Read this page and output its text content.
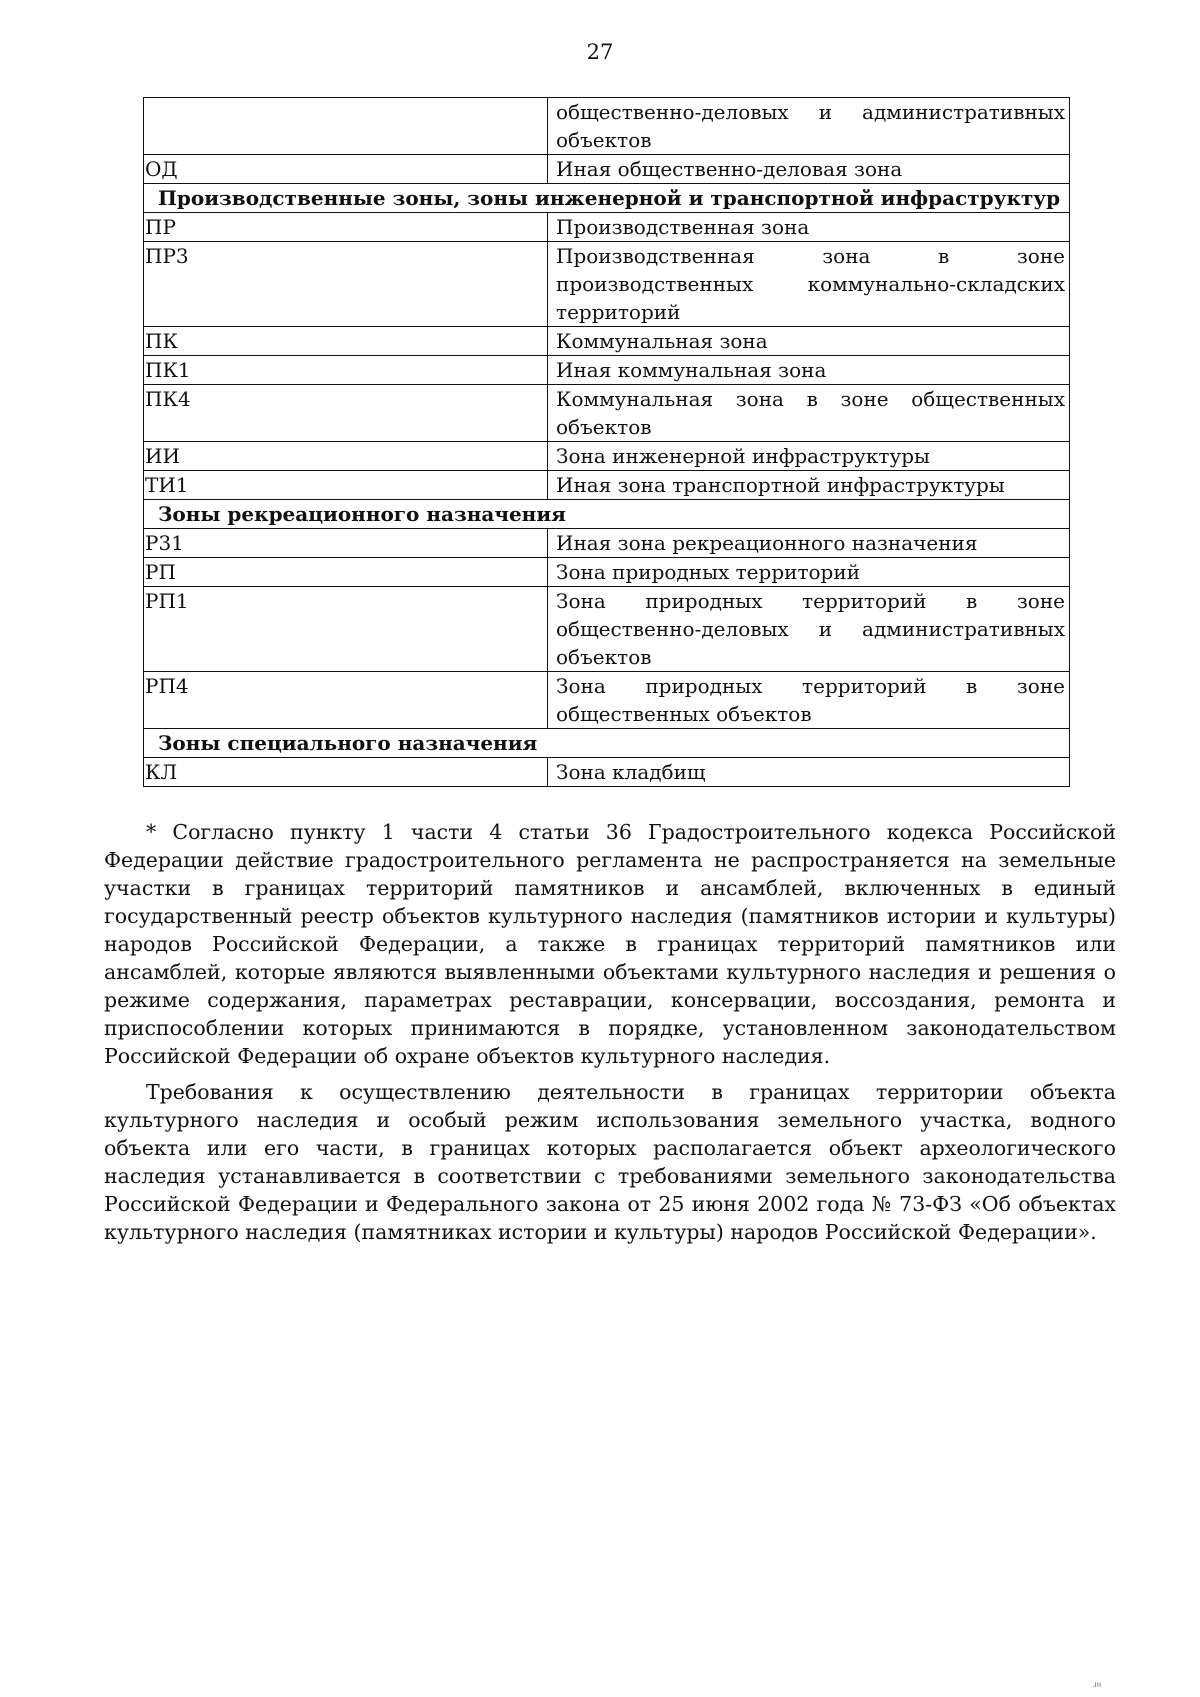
27
	общественно-деловых и административных объектов
ОД	Иная общественно-деловая зона
Производственные зоны, зоны инженерной и транспортной инфраструктур	
ПР	Производственная зона
ПР3	Производственная зона в зоне производственных коммунально-складских территорий
ПК	Коммунальная зона
ПК1	Иная коммунальная зона
ПК4	Коммунальная зона в зоне общественных объектов
ИИ	Зона инженерной инфраструктуры
ТИ1	Иная зона транспортной инфраструктуры
Зоны рекреационного назначения	
Р31	Иная зона рекреационного назначения
РП	Зона природных территорий
РП1	Зона природных территорий в зоне общественно-деловых и административных объектов
РП4	Зона природных территорий в зоне общественных объектов
Зоны специального назначения	
КЛ	Зона кладбищ

* Согласно пункту 1 части 4 статьи 36 Градостроительного кодекса Российской Федерации действие градостроительного регламента не распространяется на земельные участки в границах территорий памятников и ансамблей, включенных в единый государственный реестр объектов культурного наследия (памятников истории и культуры) народов Российской Федерации, а также в границах территорий памятников или ансамблей, которые являются выявленными объектами культурного наследия и решения о режиме содержания, параметрах реставрации, консервации, воссоздания, ремонта и приспособлении которых принимаются в порядке, установленном законодательством Российской Федерации об охране объектов культурного наследия.

Требования к осуществлению деятельности в границах территории объекта культурного наследия и особый режим использования земельного участка, водного объекта или его части, в границах которых располагается объект археологического наследия устанавливается в соответствии с требованиями земельного законодательства Российской Федерации и Федерального закона от 25 июня 2002 года № 73-ФЗ «Об объектах культурного наследия (памятниках истории и культуры) народов Российской Федерации».

.ııı
